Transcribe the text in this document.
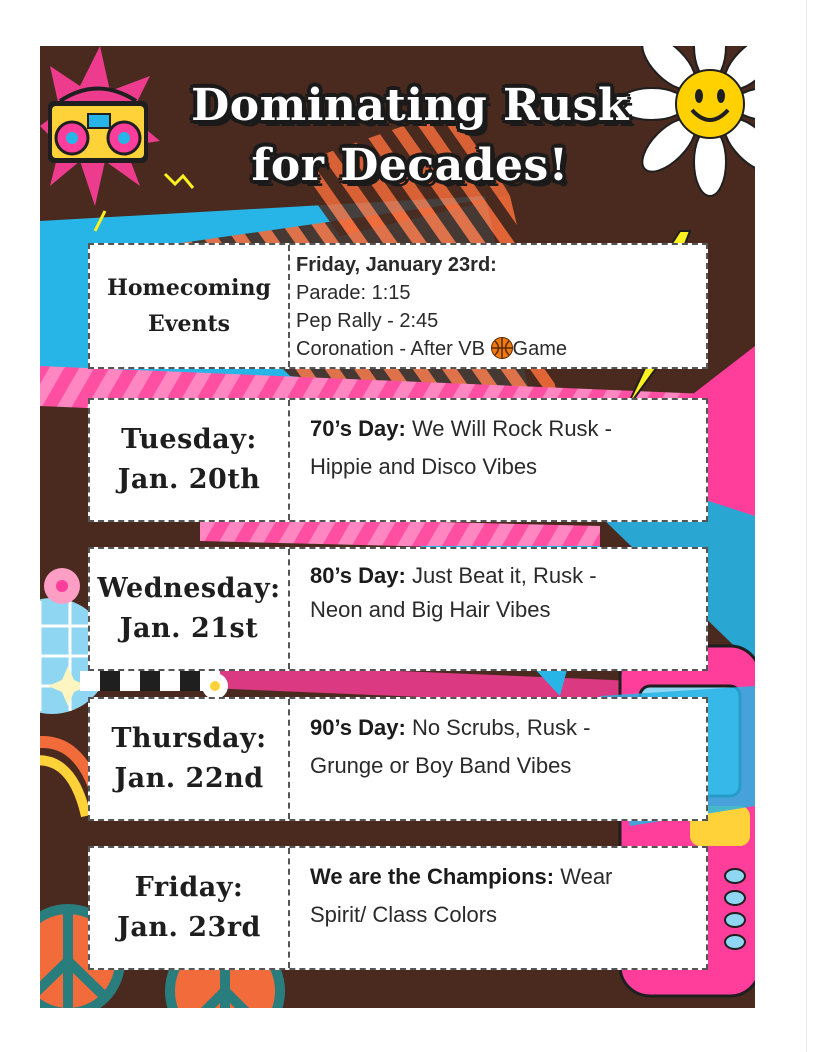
Dominating Rusk
for Decades!
Homecoming
Events
Friday, January 23rd:
Parade: 1:15
Pep Rally - 2:45
Coronation - After VB Game
Tuesday:
Jan. 20th
70’s Day: We Will Rock Rusk -
Hippie and Disco Vibes
Wednesday:
Jan. 21st
80’s Day: Just Beat it, Rusk -
Neon and Big Hair Vibes
Thursday:
Jan. 22nd
90’s Day: No Scrubs, Rusk -
Grunge or Boy Band Vibes
Friday:
Jan. 23rd
We are the Champions: Wear
Spirit/ Class Colors
